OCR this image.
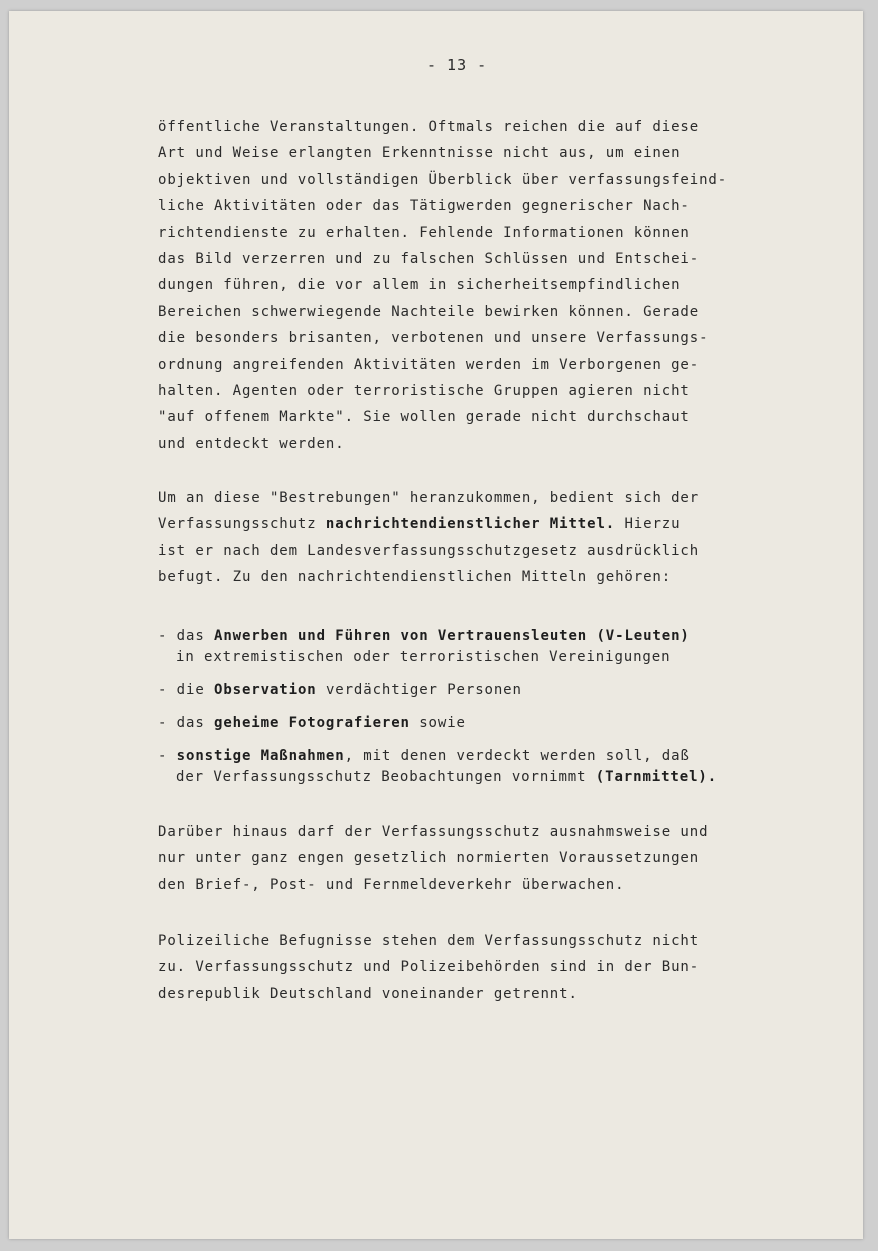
- 13 -
öffentliche Veranstaltungen. Oftmals reichen die auf diese
Art und Weise erlangten Erkenntnisse nicht aus, um einen
objektiven und vollständigen Überblick über verfassungsfeind-
liche Aktivitäten oder das Tätigwerden gegnerischer Nach-
richtendienste zu erhalten. Fehlende Informationen können
das Bild verzerren und zu falschen Schlüssen und Entschei-
dungen führen, die vor allem in sicherheitsempfindlichen
Bereichen schwerwiegende Nachteile bewirken können. Gerade
die besonders brisanten, verbotenen und unsere Verfassungs-
ordnung angreifenden Aktivitäten werden im Verborgenen ge-
halten. Agenten oder terroristische Gruppen agieren nicht
"auf offenem Markte". Sie wollen gerade nicht durchschaut
und entdeckt werden.
Um an diese "Bestrebungen" heranzukommen, bedient sich der
Verfassungsschutz nachrichtendienstlicher Mittel. Hierzu
ist er nach dem Landesverfassungsschutzgesetz ausdrücklich
befugt. Zu den nachrichtendienstlichen Mitteln gehören:
- das Anwerben und Führen von Vertrauensleuten (V-Leuten)
in extremistischen oder terroristischen Vereinigungen
- die Observation verdächtiger Personen
- das geheime Fotografieren sowie
- sonstige Maßnahmen, mit denen verdeckt werden soll, daß
der Verfassungsschutz Beobachtungen vornimmt (Tarnmittel).
Darüber hinaus darf der Verfassungsschutz ausnahmsweise und
nur unter ganz engen gesetzlich normierten Voraussetzungen
den Brief-, Post- und Fernmeldeverkehr überwachen.
Polizeiliche Befugnisse stehen dem Verfassungsschutz nicht
zu. Verfassungsschutz und Polizeibehörden sind in der Bun-
desrepublik Deutschland voneinander getrennt.
